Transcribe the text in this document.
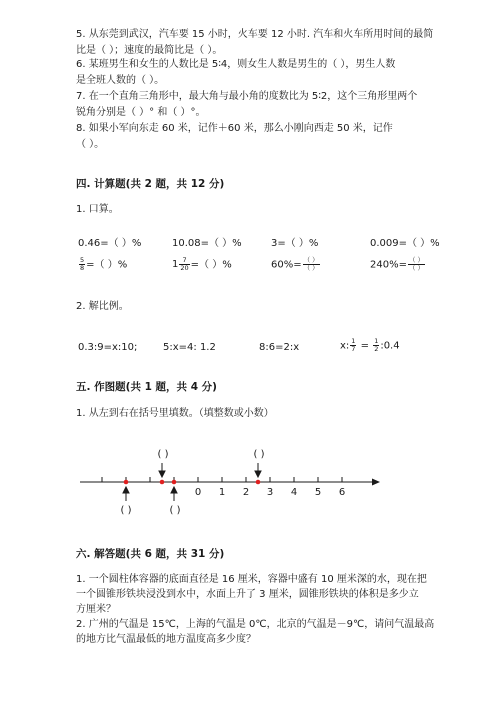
5. 从东莞到武汉，汽车要 15 小时，火车要 12 小时. 汽车和火车所用时间的最简
比是（ ）；速度的最简比是（ ）。
6. 某班男生和女生的人数比是 5∶4，则女生人数是男生的（ ），男生人数
是全班人数的（ ）。
7. 在一个直角三角形中，最大角与最小角的度数比为 5∶2，这个三角形里两个
锐角分别是（ ）° 和（ ）°。
8. 如果小军向东走 60 米，记作＋60 米，那么小刚向西走 50 米，记作
（ ）。
四. 计算题(共 2 题，共 12 分)
1. 口算。
0.46=（ ）%	10.08=（ ）%	3=（ ）%	0.009=（ ）%
$\frac{5}{8}$ =（ ）%	$1 \frac{7}{20}$ =（ ）%	$60\%= \frac{( )}{( )}$	$240\%= \frac{( )}{( )}$
2. 解比例。
0.3:9=x:10;	5:x=4: 1.2	8:6=2:x	x: $\frac{1}{7} = \frac{1}{2}$ :0.4
五. 作图题(共 1 题，共 4 分)
1. 从左到右在括号里填数。（填整数或小数）
0 1 2 3 4 5 6
( )	( )
( )	( )
六. 解答题(共 6 题，共 31 分)
1. 一个圆柱体容器的底面直径是 16 厘米，容器中盛有 10 厘米深的水，现在把
一个圆锥形铁块浸没到水中，水面上升了 3 厘米，圆锥形铁块的体积是多少立
方厘米？
2. 广州的气温是 15℃，上海的气温是 0℃，北京的气温是－9℃，请问气温最高
的地方比气温最低的地方温度高多少度？
